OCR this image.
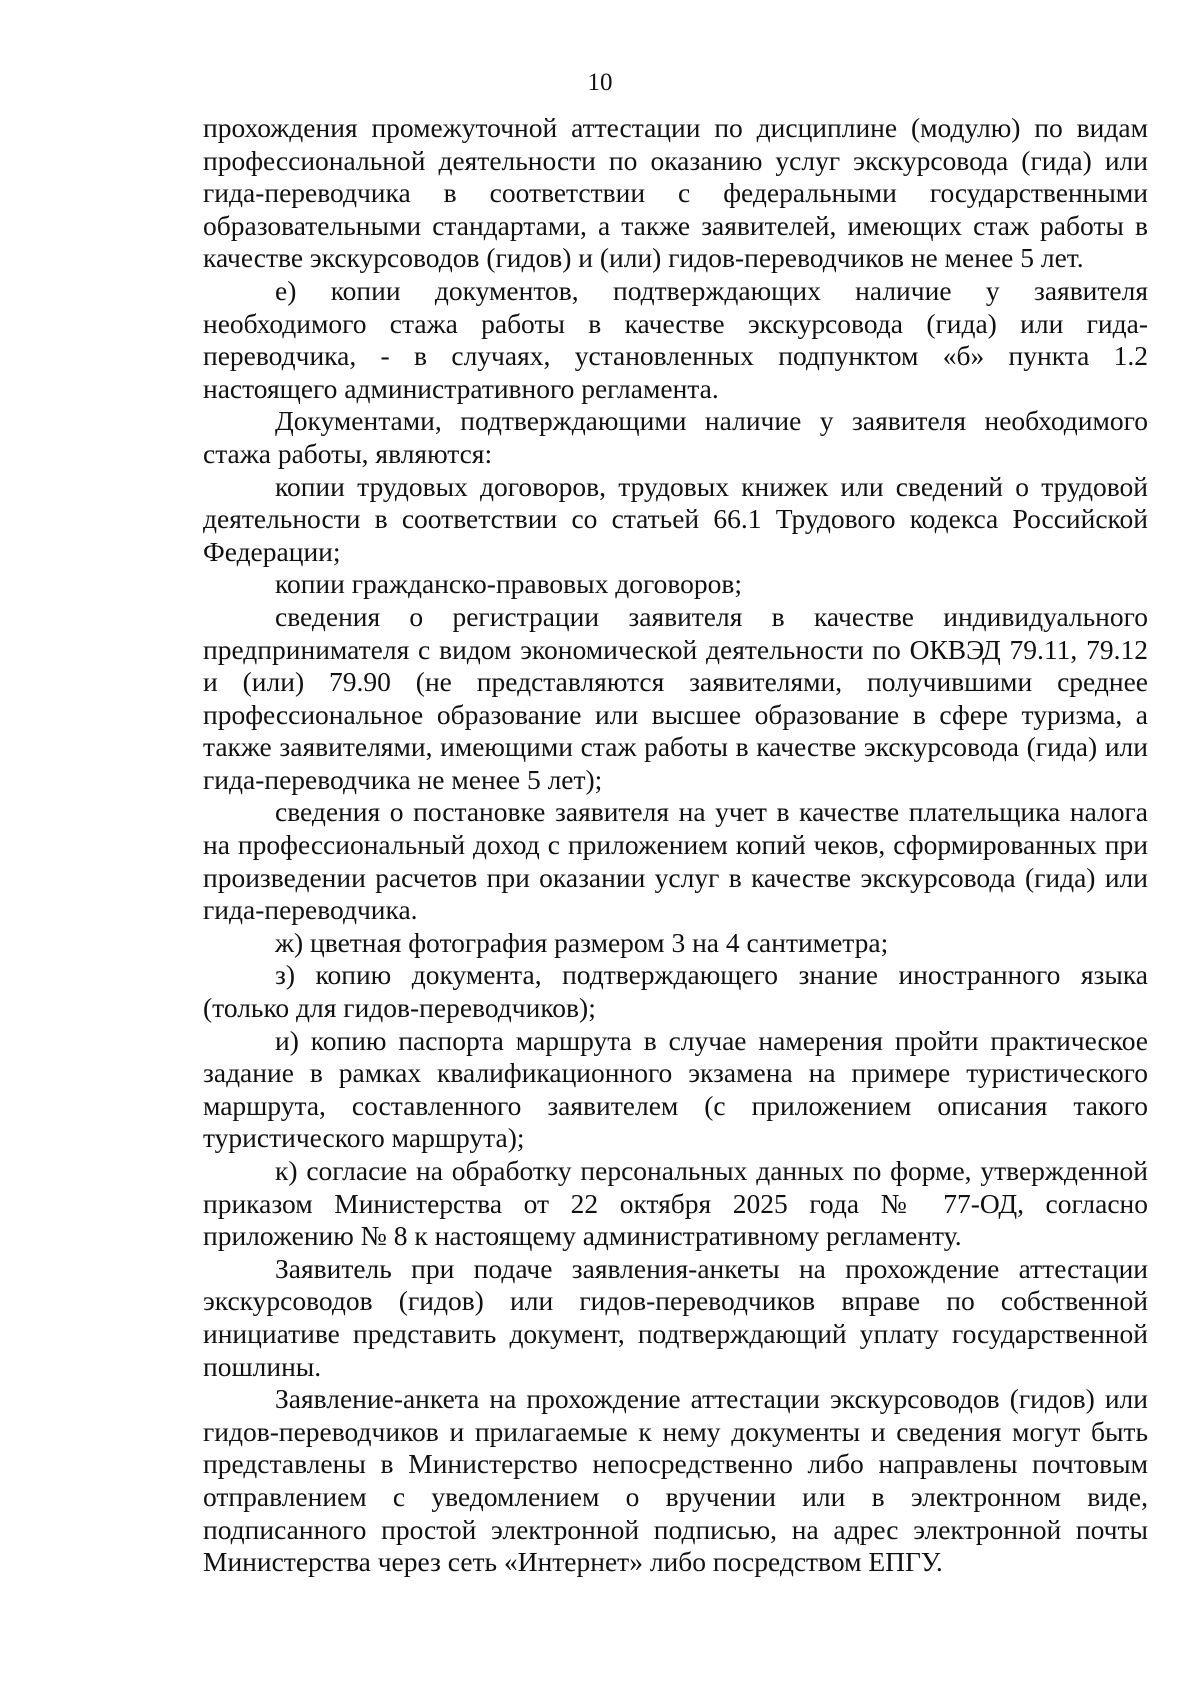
10

прохождения промежуточной аттестации по дисциплине (модулю) по видам профессиональной деятельности по оказанию услуг экскурсовода (гида) или гида-переводчика в соответствии с федеральными государственными образовательными стандартами, а также заявителей, имеющих стаж работы в качестве экскурсоводов (гидов) и (или) гидов-переводчиков не менее 5 лет.

е) копии документов, подтверждающих наличие у заявителя необходимого стажа работы в качестве экскурсовода (гида) или гида-переводчика, - в случаях, установленных подпунктом «б» пункта 1.2 настоящего административного регламента.

Документами, подтверждающими наличие у заявителя необходимого стажа работы, являются:

копии трудовых договоров, трудовых книжек или сведений о трудовой деятельности в соответствии со статьей 66.1 Трудового кодекса Российской Федерации;

копии гражданско-правовых договоров;

сведения о регистрации заявителя в качестве индивидуального предпринимателя с видом экономической деятельности по ОКВЭД 79.11, 79.12 и (или) 79.90 (не представляются заявителями, получившими среднее профессиональное образование или высшее образование в сфере туризма, а также заявителями, имеющими стаж работы в качестве экскурсовода (гида) или гида-переводчика не менее 5 лет);

сведения о постановке заявителя на учет в качестве плательщика налога на профессиональный доход с приложением копий чеков, сформированных при произведении расчетов при оказании услуг в качестве экскурсовода (гида) или гида-переводчика.

ж) цветная фотография размером 3 на 4 сантиметра;

з) копию документа, подтверждающего знание иностранного языка (только для гидов-переводчиков);

и) копию паспорта маршрута в случае намерения пройти практическое задание в рамках квалификационного экзамена на примере туристического маршрута, составленного заявителем (с приложением описания такого туристического маршрута);

к) согласие на обработку персональных данных по форме, утвержденной приказом Министерства от 22 октября 2025 года № 77-ОД, согласно приложению № 8 к настоящему административному регламенту.

Заявитель при подаче заявления-анкеты на прохождение аттестации экскурсоводов (гидов) или гидов-переводчиков вправе по собственной инициативе представить документ, подтверждающий уплату государственной пошлины.

Заявление-анкета на прохождение аттестации экскурсоводов (гидов) или гидов-переводчиков и прилагаемые к нему документы и сведения могут быть представлены в Министерство непосредственно либо направлены почтовым отправлением с уведомлением о вручении или в электронном виде, подписанного простой электронной подписью, на адрес электронной почты Министерства через сеть «Интернет» либо посредством ЕПГУ.
